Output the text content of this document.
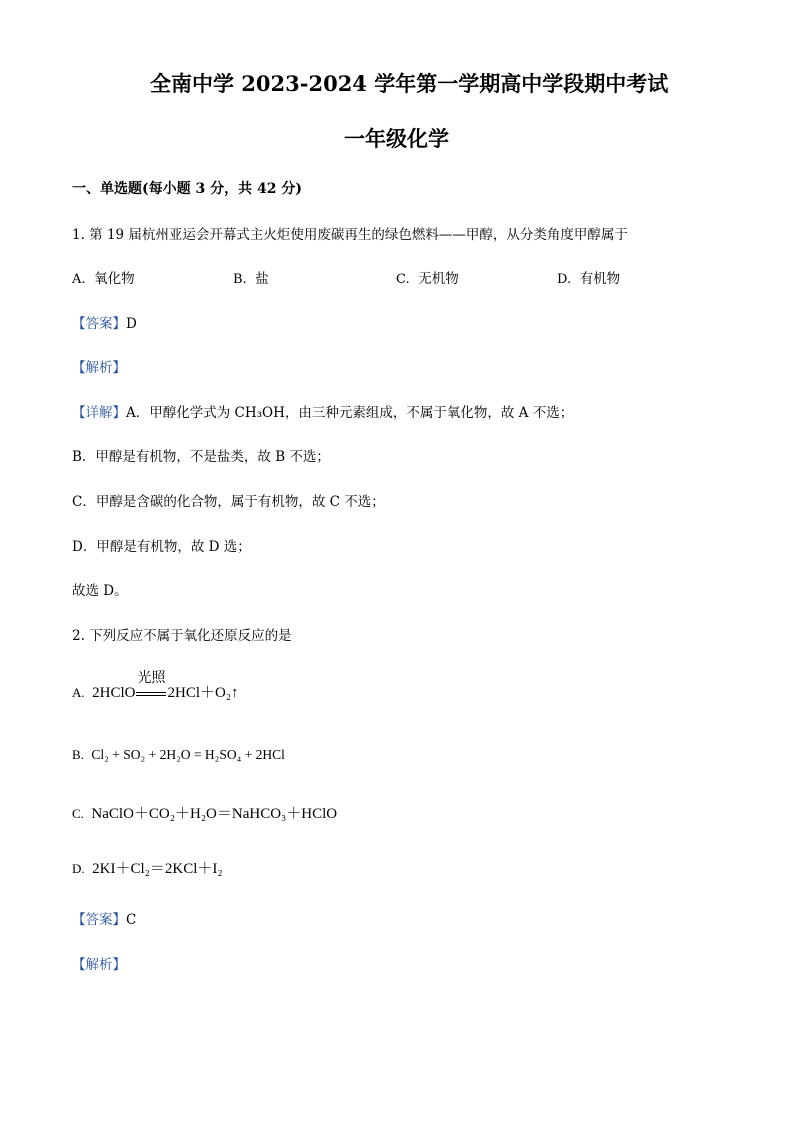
全南中学 2023-2024 学年第一学期高中学段期中考试
一年级化学
一、单选题(每小题 3 分，共 42 分)
1. 第 19 届杭州亚运会开幕式主火炬使用废碳再生的绿色燃料——甲醇，从分类角度甲醇属于
A. 氧化物	B. 盐	C. 无机物	D. 有机物
【答案】D
【解析】
【详解】A．甲醇化学式为 CH₃OH，由三种元素组成，不属于氧化物，故 A 不选；
B．甲醇是有机物，不是盐类，故 B 不选；
C．甲醇是含碳的化合物，属于有机物，故 C 不选；
D．甲醇是有机物，故 D 选；
故选 D。
2. 下列反应不属于氧化还原反应的是
A. 2HClO
光照
2HCl＋O₂↑
B. Cl₂ + SO₂ + 2H₂O = H₂SO₄ + 2HCl
C. NaClO＋CO₂＋H₂O＝NaHCO₃＋HClO
D. 2KI＋Cl₂＝2KCl＋I₂
【答案】C
【解析】
